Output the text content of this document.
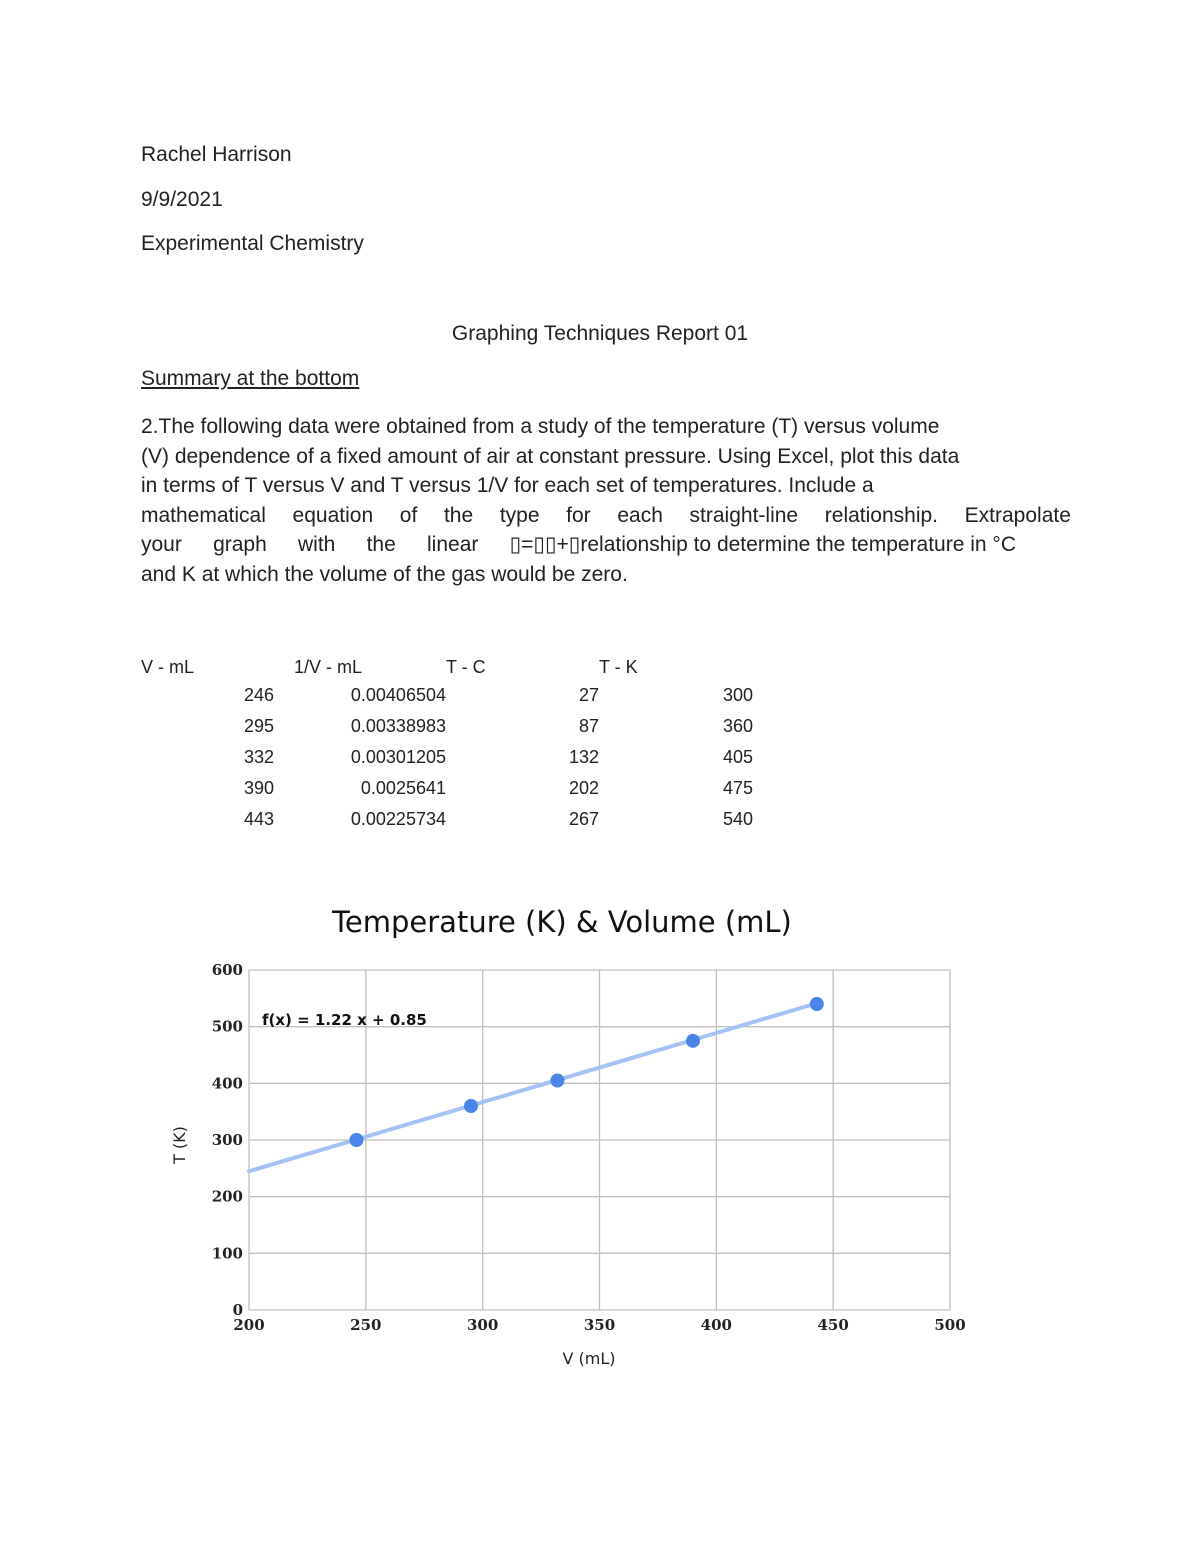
Rachel Harrison
9/9/2021
Experimental Chemistry
Graphing Techniques Report 01
Summary at the bottom
2.The following data were obtained from a study of the temperature (T) versus volume
(V) dependence of a fixed amount of air at constant pressure. Using Excel, plot this data
in terms of T versus V and T versus 1/V for each set of temperatures. Include a
mathematical equation of the type for each straight-line relationship. Extrapolate
your graph with the linear ▯=▯▯+▯relationship to determine the temperature in °C
and K at which the volume of the gas would be zero.
V - mL	1/V - mL	T - C	T - K
246	0.00406504	27	300
295	0.00338983	87	360
332	0.00301205	132	405
390	0.0025641	202	475
443	0.00225734	267	540
Temperature (K) & Volume (mL)
200	250	300	350	400	450	500
0
100
200
300
400
500
600
f(x) = 1.22 x + 0.85
V (mL)
T (K)
